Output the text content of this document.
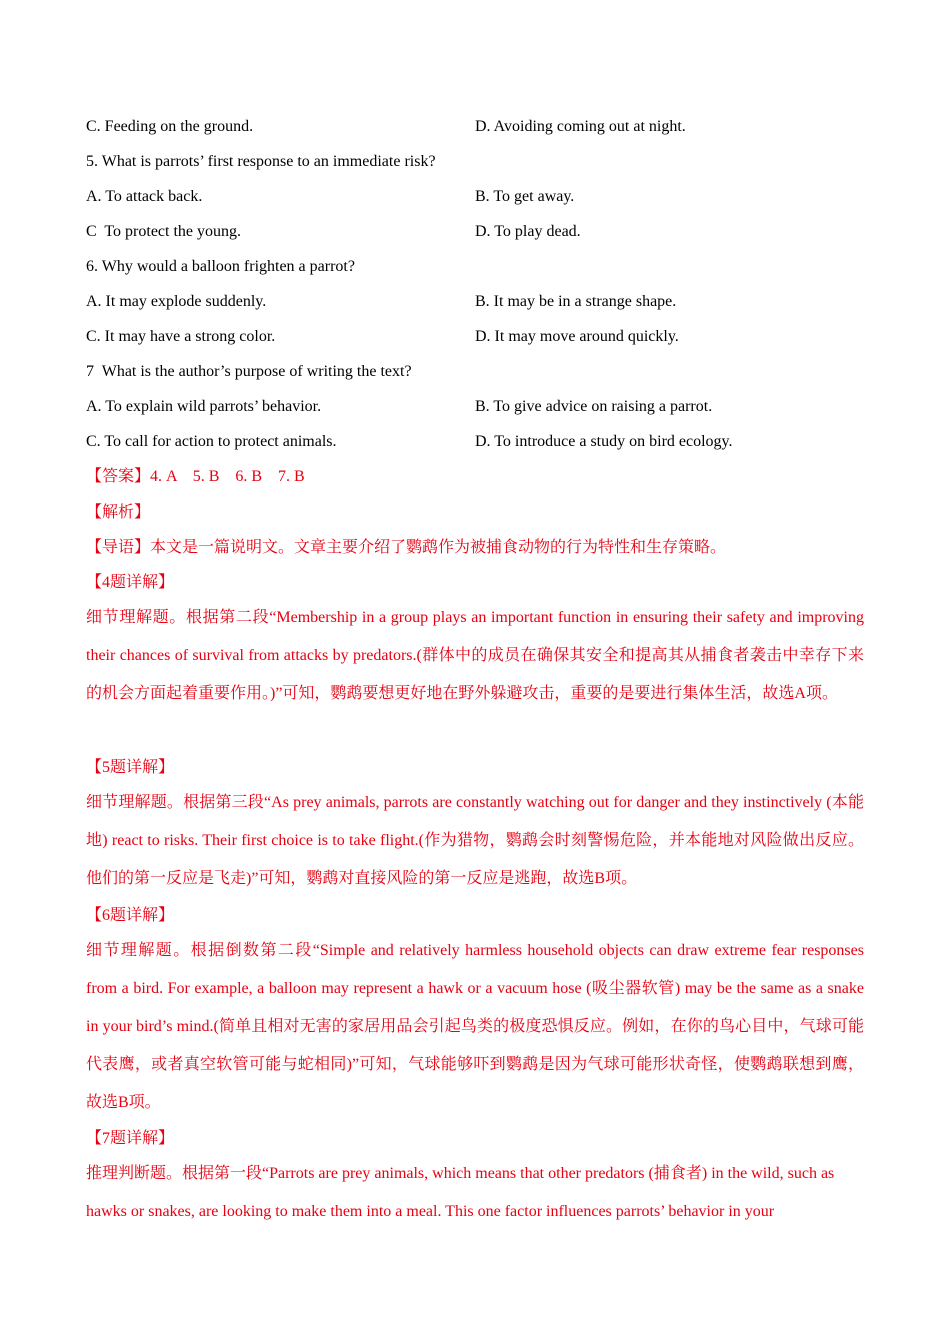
C. Feeding on the ground.	D. Avoiding coming out at night.
5. What is parrots’ first response to an immediate risk?
A. To attack back.	B. To get away.
C  To protect the young.	D. To play dead.
6. Why would a balloon frighten a parrot?
A. It may explode suddenly.	B. It may be in a strange shape.
C. It may have a strong color.	D. It may move around quickly.
7  What is the author’s purpose of writing the text?
A. To explain wild parrots’ behavior.	B. To give advice on raising a parrot.
C. To call for action to protect animals.	D. To introduce a study on bird ecology.
【答案】4. A    5. B    6. B    7. B
【解析】
【导语】本文是一篇说明文。文章主要介绍了鹦鹉作为被捕食动物的行为特性和生存策略。
【4题详解】
细节理解题。根据第二段“Membership in a group plays an important function in ensuring their safety and improving their chances of survival from attacks by predators.(群体中的成员在确保其安全和提高其从捕食者袭击中幸存下来的机会方面起着重要作用。)”可知，鹦鹉要想更好地在野外躲避攻击，重要的是要进行集体生活，故选A项。
【5题详解】
细节理解题。根据第三段“As prey animals, parrots are constantly watching out for danger and they instinctively (本能地) react to risks. Their first choice is to take flight.(作为猎物，鹦鹉会时刻警惕危险，并本能地对风险做出反应。他们的第一反应是飞走)”可知，鹦鹉对直接风险的第一反应是逃跑，故选B项。
【6题详解】
细节理解题。根据倒数第二段“Simple and relatively harmless household objects can draw extreme fear responses from a bird. For example, a balloon may represent a hawk or a vacuum hose (吸尘器软管) may be the same as a snake in your bird’s mind.(简单且相对无害的家居用品会引起鸟类的极度恐惧反应。例如，在你的鸟心目中，气球可能代表鹰，或者真空软管可能与蛇相同)”可知，气球能够吓到鹦鹉是因为气球可能形状奇怪，使鹦鹉联想到鹰，故选B项。
【7题详解】
推理判断题。根据第一段“Parrots are prey animals, which means that other predators (捕食者) in the wild, such as hawks or snakes, are looking to make them into a meal. This one factor influences parrots’ behavior in your
